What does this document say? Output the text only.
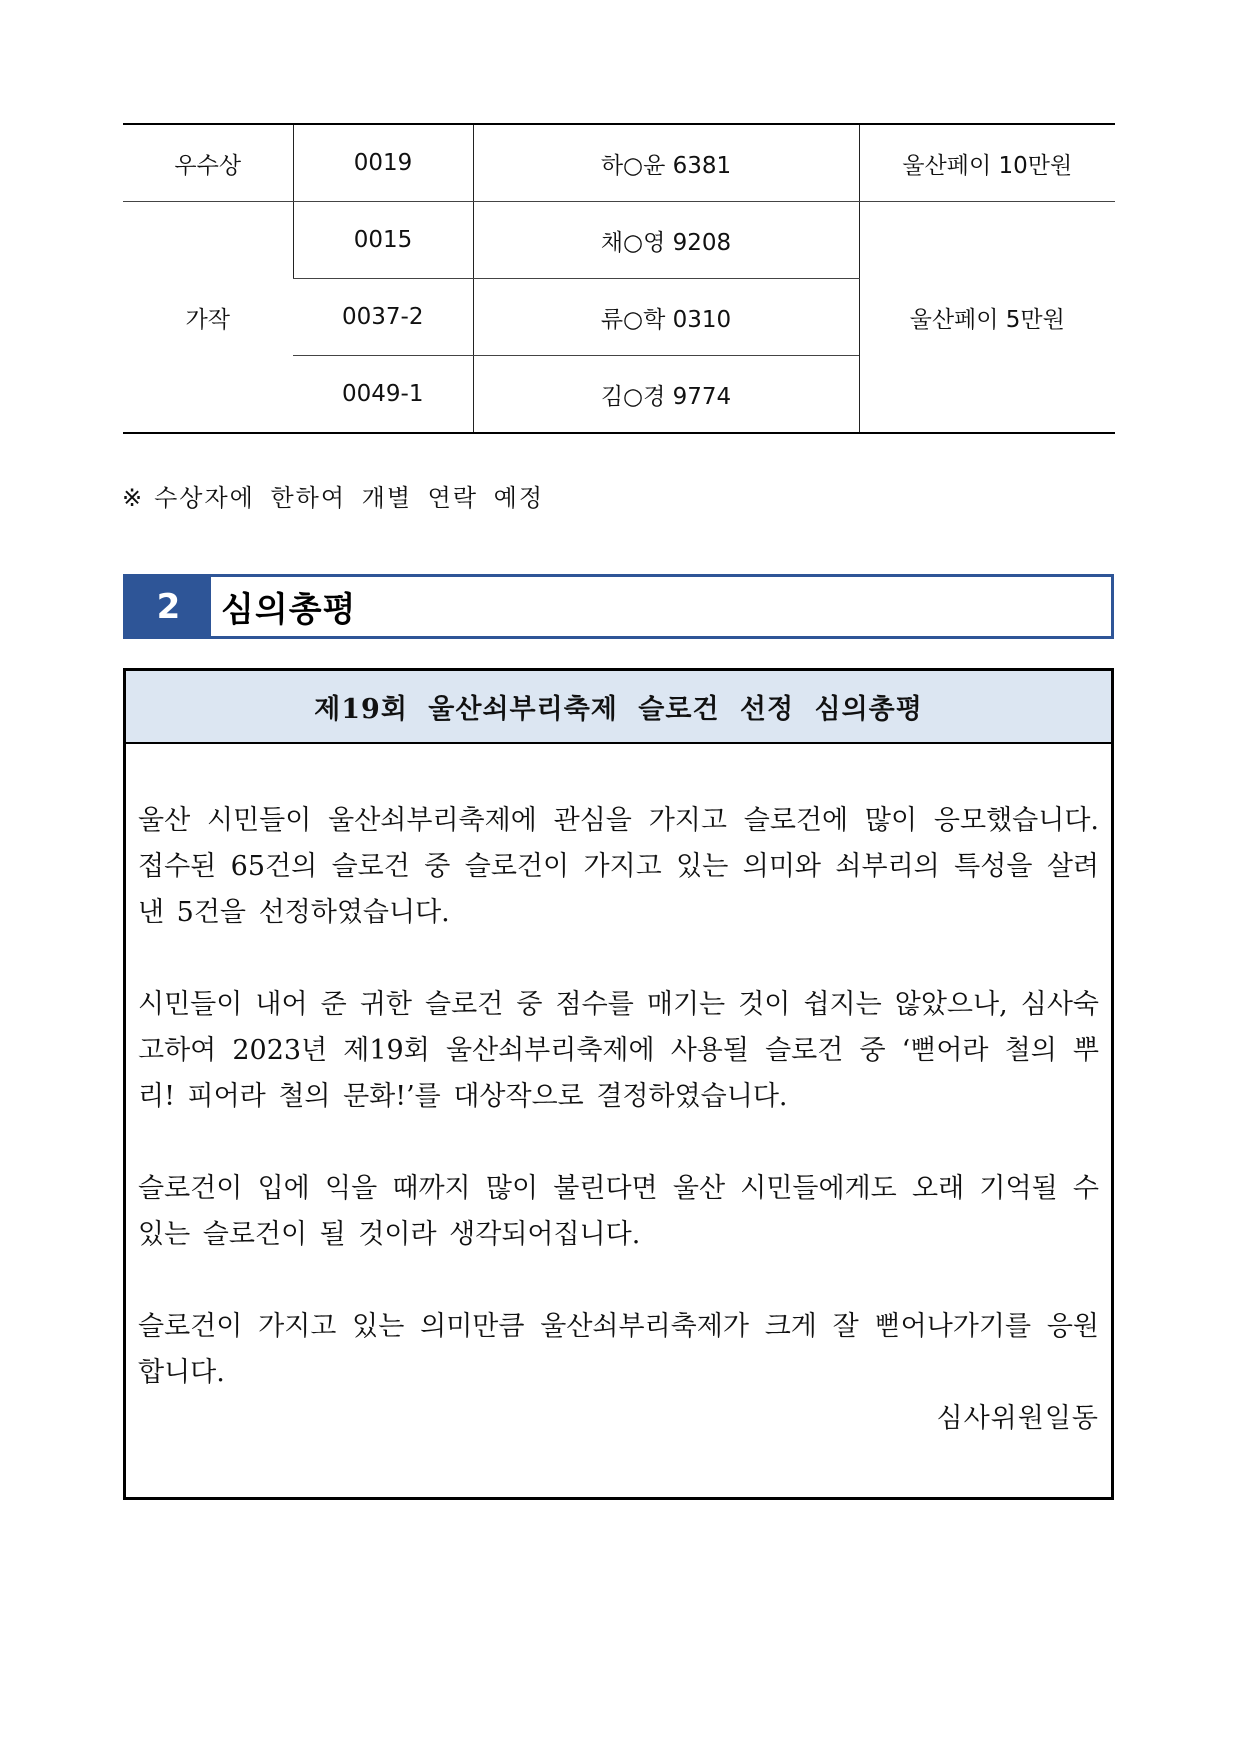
우수상	0019	하○윤 6381	울산페이 10만원
가작	0015	채○영 9208	울산페이 5만원
	0037-2	류○학 0310	
	0049-1	김○경 9774	
※ 수상자에 한하여 개별 연락 예정
2	심의총평
제19회 울산쇠부리축제 슬로건 선정 심의총평

울산 시민들이 울산쇠부리축제에 관심을 가지고 슬로건에 많이 응모했습니다. 접수된 65건의 슬로건 중 슬로건이 가지고 있는 의미와 쇠부리의 특성을 살려낸 5건을 선정하였습니다.

시민들이 내어 준 귀한 슬로건 중 점수를 매기는 것이 쉽지는 않았으나, 심사숙고하여 2023년 제19회 울산쇠부리축제에 사용될 슬로건 중 ‘뻗어라 철의 뿌리! 피어라 철의 문화!’를 대상작으로 결정하였습니다.

슬로건이 입에 익을 때까지 많이 불린다면 울산 시민들에게도 오래 기억될 수 있는 슬로건이 될 것이라 생각되어집니다.

슬로건이 가지고 있는 의미만큼 울산쇠부리축제가 크게 잘 뻗어나가기를 응원합니다.

심사위원일동
